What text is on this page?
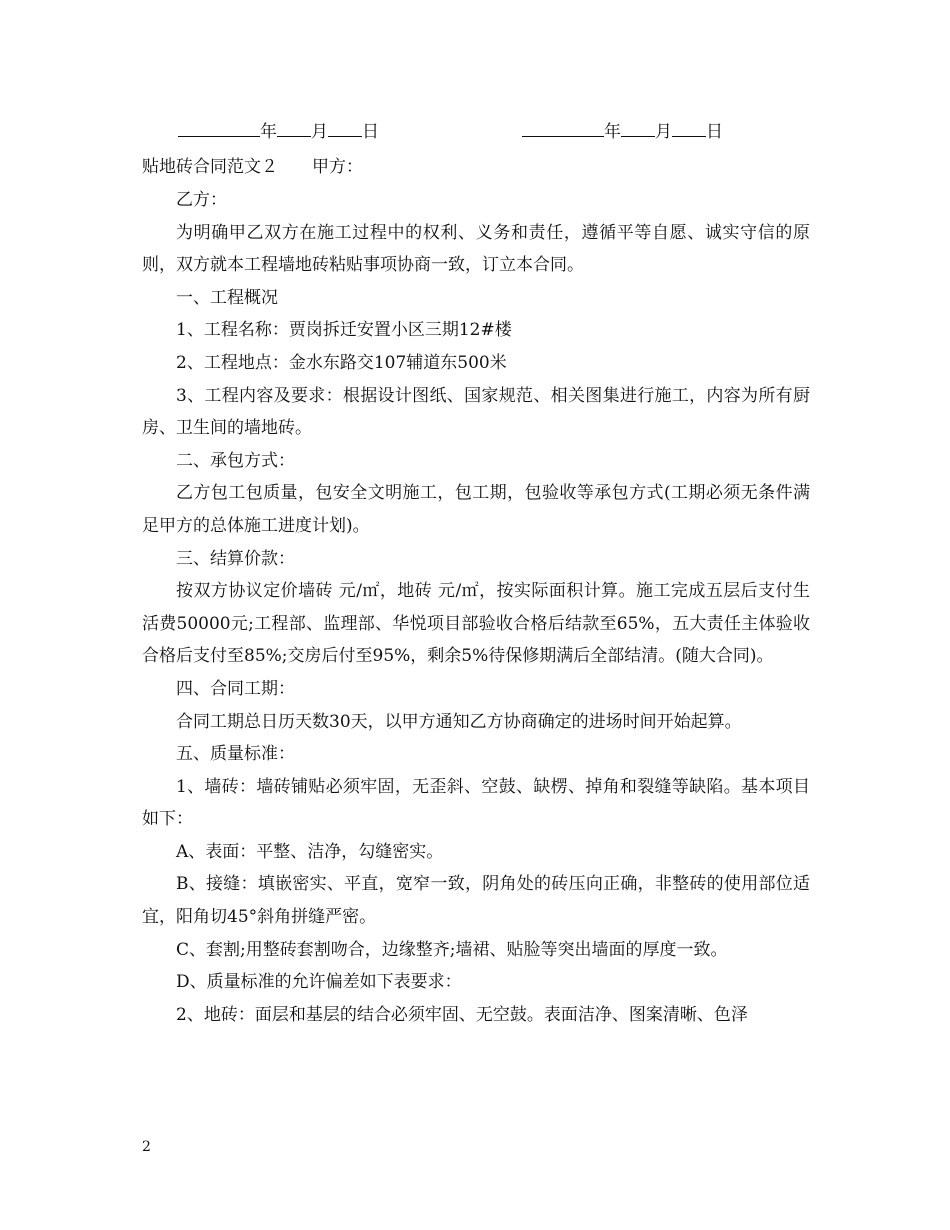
年 月 日	年 月 日
贴地砖合同范文２ 甲方：

乙方：

为明确甲乙双方在施工过程中的权利、义务和责任，遵循平等自愿、诚实守信的原则，双方就本工程墙地砖粘贴事项协商一致，订立本合同。

一、工程概况

1、工程名称：贾岗拆迁安置小区三期12#楼

2、工程地点：金水东路交107辅道东500米

3、工程内容及要求：根据设计图纸、国家规范、相关图集进行施工，内容为所有厨房、卫生间的墙地砖。

二、承包方式：

乙方包工包质量，包安全文明施工，包工期，包验收等承包方式(工期必须无条件满足甲方的总体施工进度计划)。

三、结算价款：

按双方协议定价墙砖 元/㎡，地砖 元/㎡，按实际面积计算。施工完成五层后支付生活费50000元;工程部、监理部、华悦项目部验收合格后结款至65%，五大责任主体验收合格后支付至85%;交房后付至95%，剩余5%待保修期满后全部结清。(随大合同)。

四、合同工期：

合同工期总日历天数30天，以甲方通知乙方协商确定的进场时间开始起算。

五、质量标准：

1、墙砖：墙砖铺贴必须牢固，无歪斜、空鼓、缺楞、掉角和裂缝等缺陷。基本项目如下：

A、表面：平整、洁净，勾缝密实。

B、接缝：填嵌密实、平直，宽窄一致，阴角处的砖压向正确，非整砖的使用部位适宜，阳角切45°斜角拼缝严密。

C、套割;用整砖套割吻合，边缘整齐;墙裙、贴脸等突出墙面的厚度一致。

D、质量标准的允许偏差如下表要求：

2、地砖：面层和基层的结合必须牢固、无空鼓。表面洁净、图案清晰、色泽

2
